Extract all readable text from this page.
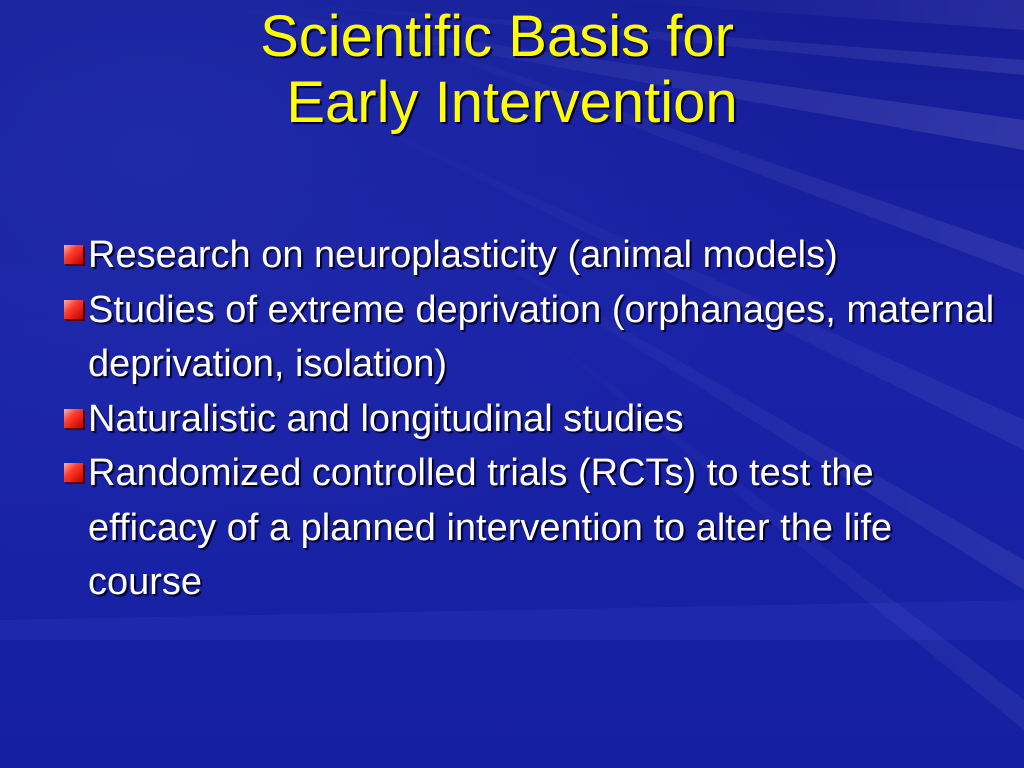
Scientific Basis for
Early Intervention
Research on neuroplasticity (animal models)
Studies of extreme deprivation (orphanages, maternal deprivation, isolation)
Naturalistic and longitudinal studies
Randomized controlled trials (RCTs) to test the efficacy of a planned intervention to alter the life course
